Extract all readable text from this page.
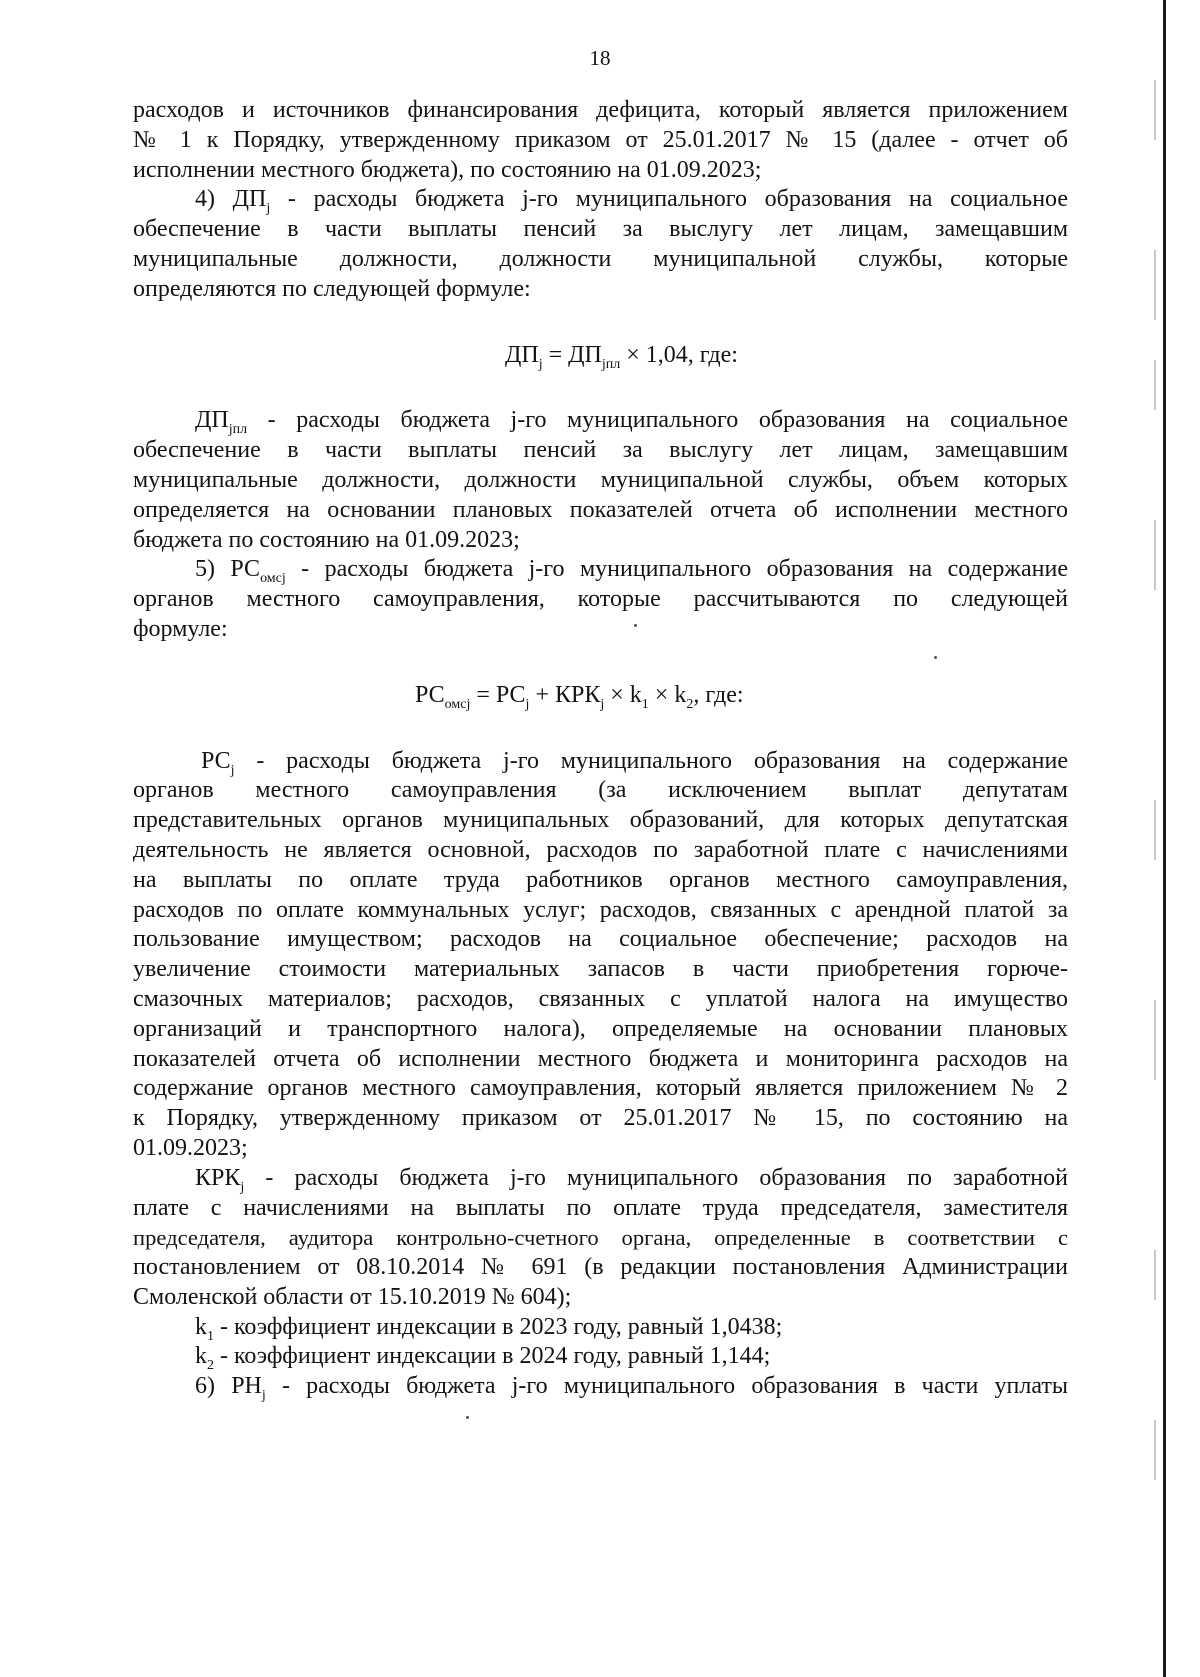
18
расходов и источников финансирования дефицита, который является приложением
№ 1 к Порядку, утвержденному приказом от 25.01.2017 № 15 (далее - отчет об
исполнении местного бюджета), по состоянию на 01.09.2023;
4) $ДП_j$ - расходы бюджета j-го муниципального образования на социальное
обеспечение в части выплаты пенсий за выслугу лет лицам, замещавшим
муниципальные должности, должности муниципальной службы, которые
определяются по следующей формуле:
$ДП_j = ДП_{jпл} \times 1,04$, где:
$ДП_{jпл}$ - расходы бюджета j-го муниципального образования на социальное
обеспечение в части выплаты пенсий за выслугу лет лицам, замещавшим
муниципальные должности, должности муниципальной службы, объем которых
определяется на основании плановых показателей отчета об исполнении местного
бюджета по состоянию на 01.09.2023;
5) $РС_{омсj}$ - расходы бюджета j-го муниципального образования на содержание
органов местного самоуправления, которые рассчитываются по следующей
формуле:
$РС_{омсj} = РС_j + КРК_j \times k_1 \times k_2$, где:
$РС_j$ - расходы бюджета j-го муниципального образования на содержание
органов местного самоуправления (за исключением выплат депутатам
представительных органов муниципальных образований, для которых депутатская
деятельность не является основной, расходов по заработной плате с начислениями
на выплаты по оплате труда работников органов местного самоуправления,
расходов по оплате коммунальных услуг; расходов, связанных с арендной платой за
пользование имуществом; расходов на социальное обеспечение; расходов на
увеличение стоимости материальных запасов в части приобретения горюче-
смазочных материалов; расходов, связанных с уплатой налога на имущество
организаций и транспортного налога), определяемые на основании плановых
показателей отчета об исполнении местного бюджета и мониторинга расходов на
содержание органов местного самоуправления, который является приложением № 2
к Порядку, утвержденному приказом от 25.01.2017 № 15, по состоянию на
01.09.2023;
$КРК_j$ - расходы бюджета j-го муниципального образования по заработной
плате с начислениями на выплаты по оплате труда председателя, заместителя
председателя, аудитора контрольно-счетного органа, определенные в соответствии с
постановлением от 08.10.2014 № 691 (в редакции постановления Администрации
Смоленской области от 15.10.2019 № 604);
$k_1$ - коэффициент индексации в 2023 году, равный 1,0438;
$k_2$ - коэффициент индексации в 2024 году, равный 1,144;
6) $РН_j$ - расходы бюджета j-го муниципального образования в части уплаты
